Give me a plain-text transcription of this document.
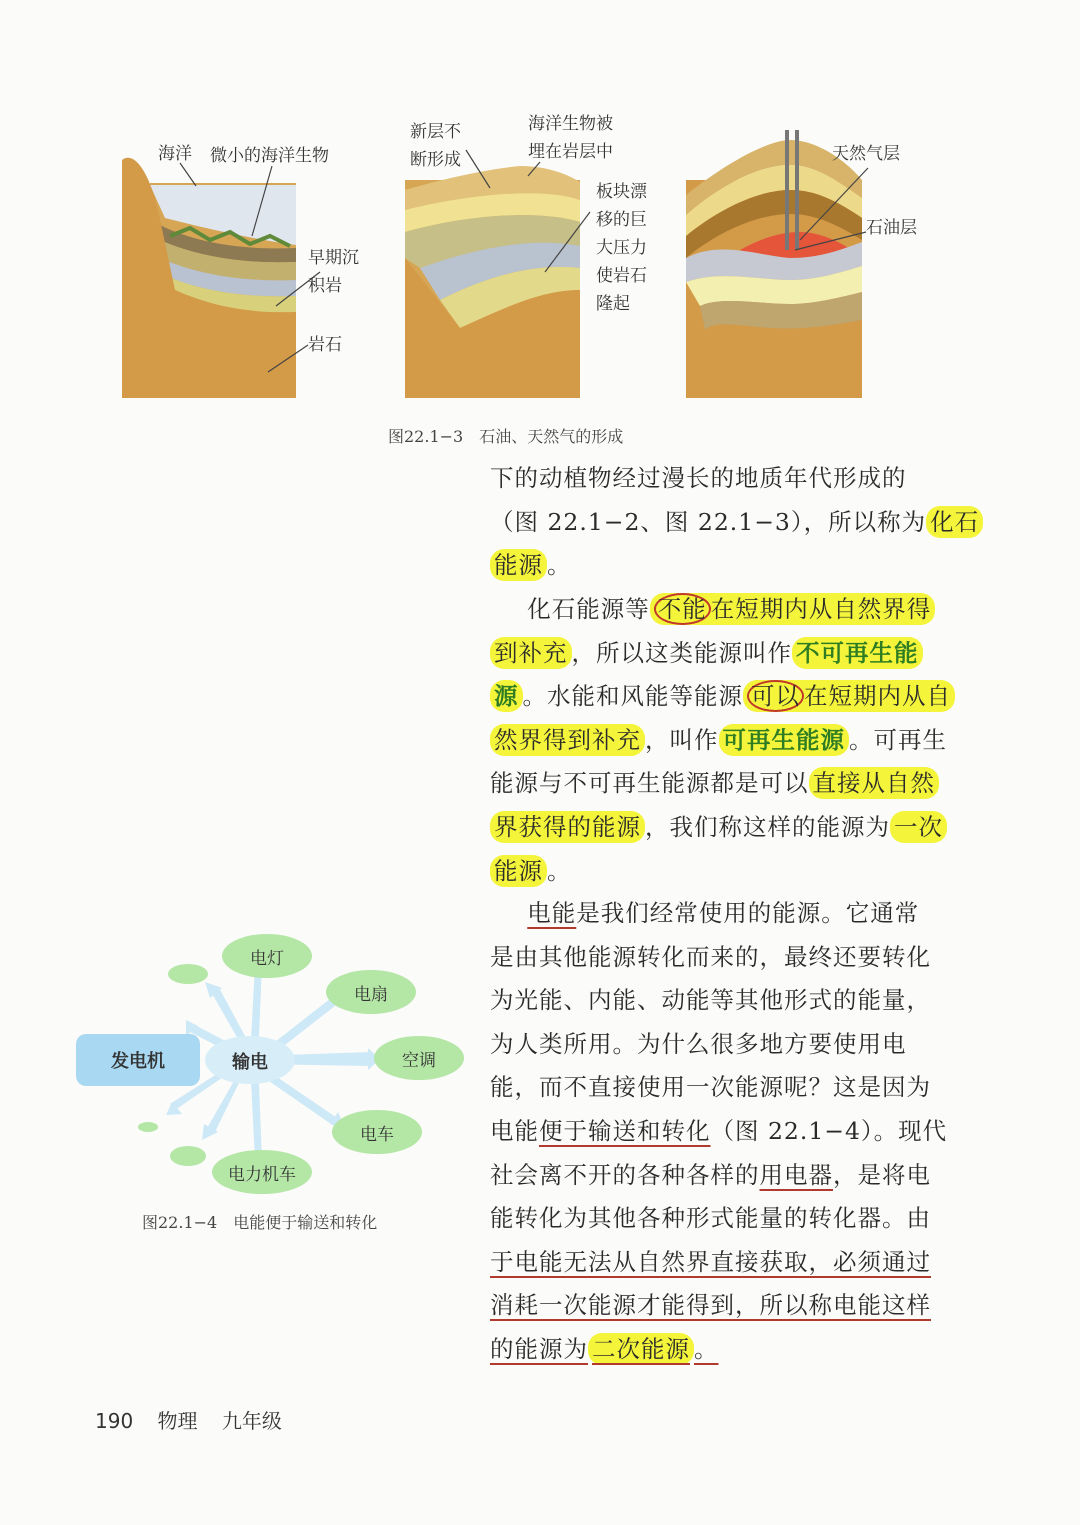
海洋 微小的海洋生物
早期沉
积岩
岩石
新层不
断形成
海洋生物被
埋在岩层中
板块漂
移的巨
大压力
使岩石
隆起
天然气层
石油层
图22.1−3　石油、天然气的形成
下的动植物经过漫长的地质年代形成的
（图 22.1−2、图 22.1−3），所以称为 化石
能源 。
  化石能源等 不能 在短期内从自然界得
到补充 ，所以这类能源叫作 不可再生能
源 。水能和风能等能源 可以 在短期内从自
然界得到补充 ，叫作 可再生能源 。可再生
能源与不可再生能源都是可以 直接从自然
界获得的能源 ，我们称这样的能源为 一次
能源 。
  电能是我们经常使用的能源。它通常
是由其他能源转化而来的，最终还要转化
为光能、内能、动能等其他形式的能量，
为人类所用。为什么很多地方要使用电
能，而不直接使用一次能源呢？这是因为
电能便于输送和转化（图 22.1−4）。现代
社会离不开的各种各样的用电器，是将电
能转化为其他各种形式能量的转化器。由
于电能无法从自然界直接获取，必须通过
消耗一次能源才能得到，所以称电能这样
的能源为 二次能源 。
发电机	输电
电灯
电扇
空调
电车
电力机车
图22.1−4　电能便于输送和转化
190 物理 九年级
